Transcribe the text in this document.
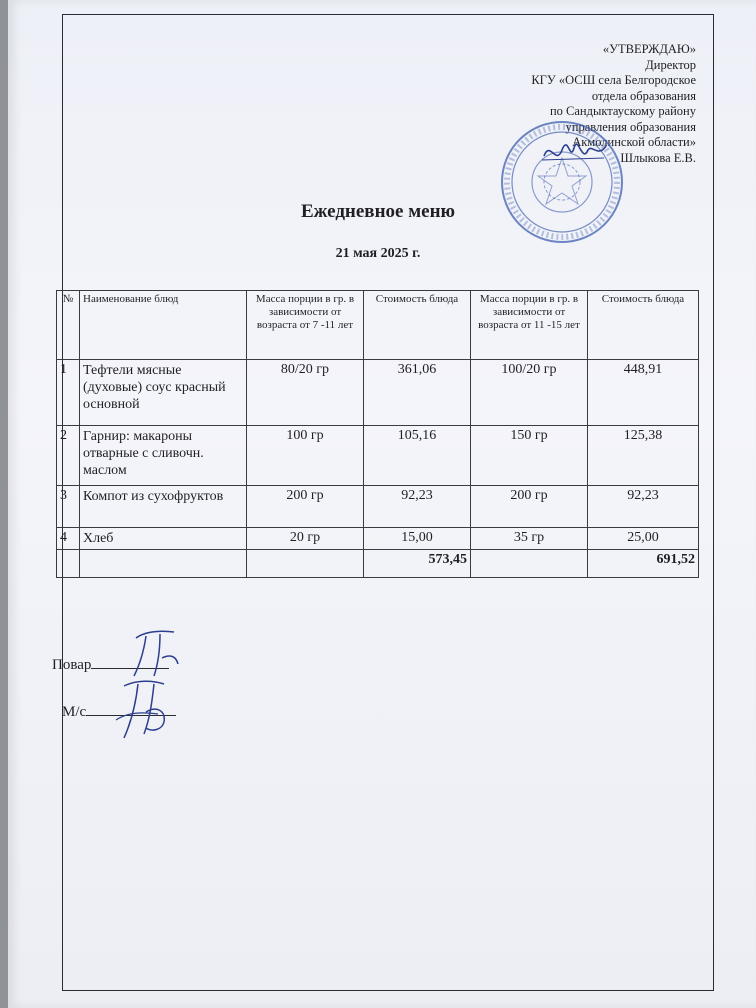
«УТВЕРЖДАЮ»
Директор
КГУ «ОСШ села Белгородское
отдела образования
по Сандыктаускому району
управления образования
Акмолинской области»
Шлыкова Е.В.
Ежедневное меню
21 мая 2025 г.
№	Наименование блюд	Масса порции в гр. в зависимости от возраста от 7 -11 лет	Стоимость блюда	Масса порции в гр. в зависимости от возраста от 11 -15 лет	Стоимость блюда
1	Тефтели мясные (духовые) соус красный основной	80/20 гр	361,06	100/20 гр	448,91
2	Гарнир: макароны отварные с сливочн. маслом	100 гр	105,16	150 гр	125,38
3	Компот из сухофруктов	200 гр	92,23	200 гр	92,23
4	Хлеб	20 гр	15,00	35 гр	25,00
			573,45		691,52
Повар
М/с
